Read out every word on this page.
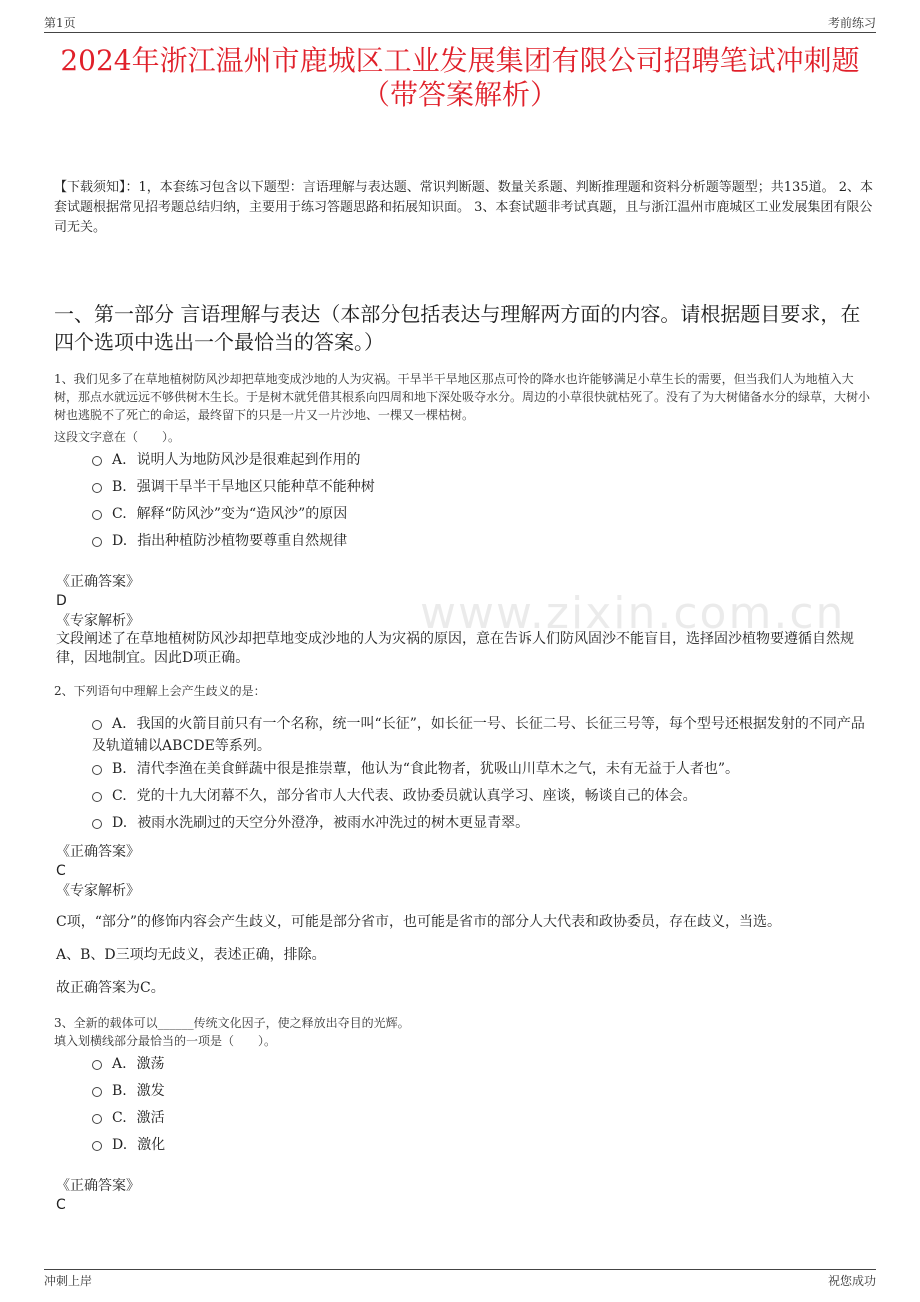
第1页	考前练习
www.zixin.com.cn
2024年浙江温州市鹿城区工业发展集团有限公司招聘笔试冲刺题（带答案解析）
【下载须知】：1，本套练习包含以下题型：言语理解与表达题、常识判断题、数量关系题、判断推理题和资料分析题等题型；共135道。 2、本套试题根据常见招考题总结归纳，主要用于练习答题思路和拓展知识面。 3、本套试题非考试真题，且与浙江温州市鹿城区工业发展集团有限公司无关。
一、第一部分 言语理解与表达（本部分包括表达与理解两方面的内容。请根据题目要求，在四个选项中选出一个最恰当的答案。）
1、我们见多了在草地植树防风沙却把草地变成沙地的人为灾祸。干旱半干旱地区那点可怜的降水也许能够满足小草生长的需要，但当我们人为地植入大树，那点水就远远不够供树木生长。于是树木就凭借其根系向四周和地下深处吸夺水分。周边的小草很快就枯死了。没有了为大树储备水分的绿草，大树小树也逃脱不了死亡的命运，最终留下的只是一片又一片沙地、一棵又一棵枯树。
这段文字意在（　　）。
A. 说明人为地防风沙是很难起到作用的
B. 强调干旱半干旱地区只能种草不能种树
C. 解释“防风沙”变为“造风沙”的原因
D. 指出种植防沙植物要尊重自然规律
《正确答案》
D
《专家解析》
文段阐述了在草地植树防风沙却把草地变成沙地的人为灾祸的原因，意在告诉人们防风固沙不能盲目，选择固沙植物要遵循自然规律，因地制宜。因此D项正确。
2、下列语句中理解上会产生歧义的是：
A. 我国的火箭目前只有一个名称，统一叫“长征”，如长征一号、长征二号、长征三号等，每个型号还根据发射的不同产品及轨道辅以ABCDE等系列。
B. 清代李渔在美食鲜蔬中很是推崇蕈，他认为“食此物者，犹吸山川草木之气，未有无益于人者也”。
C. 党的十九大闭幕不久，部分省市人大代表、政协委员就认真学习、座谈，畅谈自己的体会。
D. 被雨水洗刷过的天空分外澄净，被雨水冲洗过的树木更显青翠。
《正确答案》
C
《专家解析》
C项，“部分”的修饰内容会产生歧义，可能是部分省市，也可能是省市的部分人大代表和政协委员，存在歧义，当选。
A、B、D三项均无歧义，表述正确，排除。
故正确答案为C。
3、全新的载体可以______传统文化因子，使之释放出夺目的光辉。
填入划横线部分最恰当的一项是（　　）。
A. 激荡
B. 激发
C. 激活
D. 激化
《正确答案》
C
冲刺上岸	祝您成功
